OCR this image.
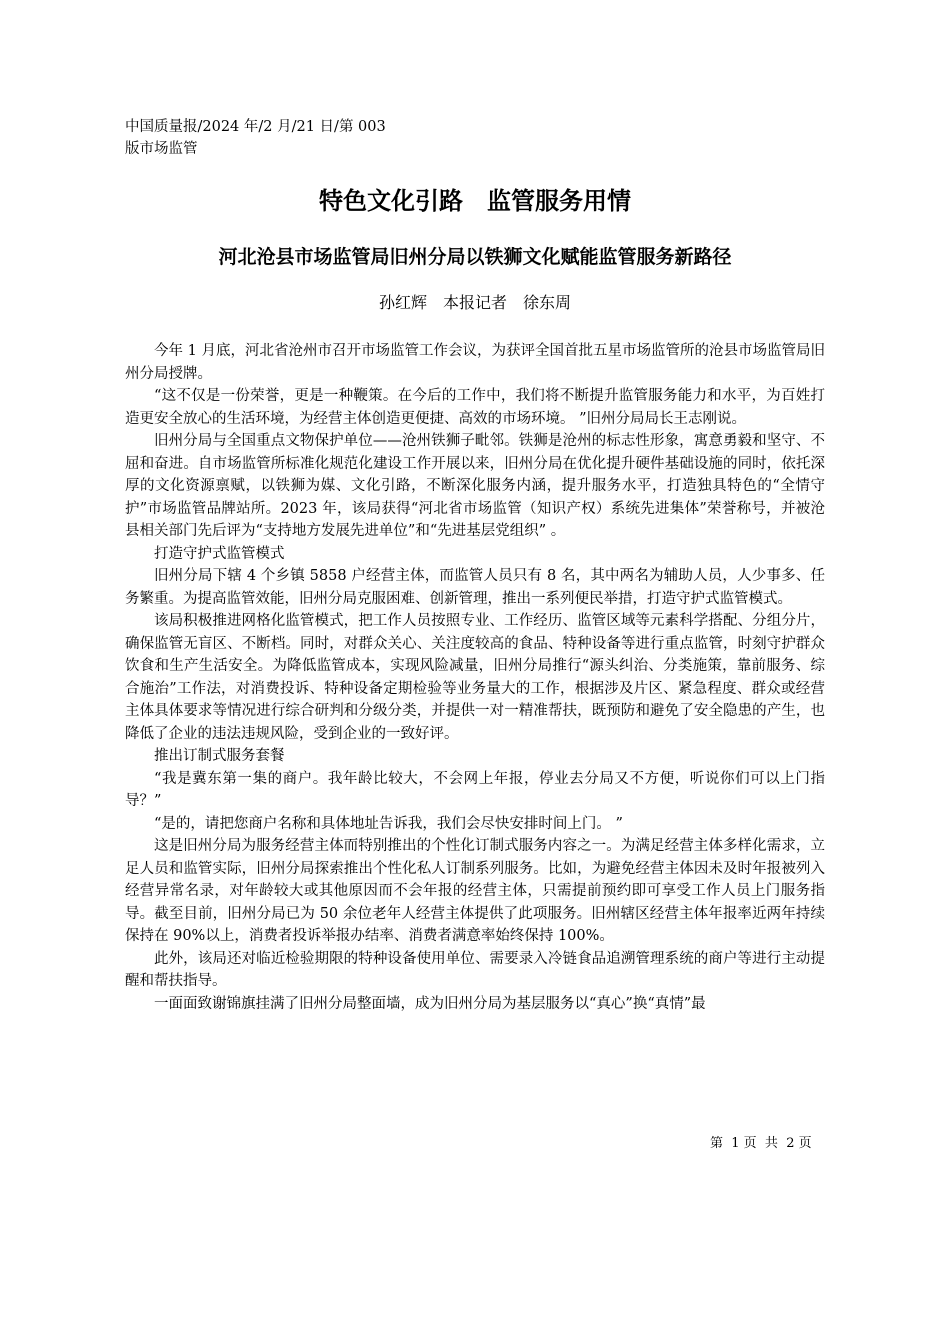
中国质量报/2024 年/2 月/21 日/第 003
版市场监管
特色文化引路　监管服务用情
河北沧县市场监管局旧州分局以铁狮文化赋能监管服务新路径
孙红辉　本报记者　徐东周

今年 1 月底，河北省沧州市召开市场监管工作会议，为获评全国首批五星市场监管所的沧县市场监管局旧州分局授牌。

“这不仅是一份荣誉，更是一种鞭策。在今后的工作中，我们将不断提升监管服务能力和水平，为百姓打造更安全放心的生活环境，为经营主体创造更便捷、高效的市场环境。 ”旧州分局局长王志刚说。

旧州分局与全国重点文物保护单位——沧州铁狮子毗邻。铁狮是沧州的标志性形象，寓意勇毅和坚守、不屈和奋进。自市场监管所标准化规范化建设工作开展以来，旧州分局在优化提升硬件基础设施的同时，依托深厚的文化资源禀赋，以铁狮为媒、文化引路，不断深化服务内涵，提升服务水平，打造独具特色的“全情守护”市场监管品牌站所。2023 年，该局获得“河北省市场监管（知识产权）系统先进集体”荣誉称号，并被沧县相关部门先后评为“支持地方发展先进单位”和“先进基层党组织” 。

打造守护式监管模式

旧州分局下辖 4 个乡镇 5858 户经营主体，而监管人员只有 8 名，其中两名为辅助人员，人少事多、任务繁重。为提高监管效能，旧州分局克服困难、创新管理，推出一系列便民举措，打造守护式监管模式。

该局积极推进网格化监管模式，把工作人员按照专业、工作经历、监管区域等元素科学搭配、分组分片，确保监管无盲区、不断档。同时，对群众关心、关注度较高的食品、特种设备等进行重点监管，时刻守护群众饮食和生产生活安全。为降低监管成本，实现风险减量，旧州分局推行“源头纠治、分类施策，靠前服务、综合施治”工作法，对消费投诉、特种设备定期检验等业务量大的工作，根据涉及片区、紧急程度、群众或经营主体具体要求等情况进行综合研判和分级分类，并提供一对一精准帮扶，既预防和避免了安全隐患的产生，也降低了企业的违法违规风险，受到企业的一致好评。

推出订制式服务套餐

“我是冀东第一集的商户。我年龄比较大，不会网上年报，停业去分局又不方便，听说你们可以上门指导？”

“是的，请把您商户名称和具体地址告诉我，我们会尽快安排时间上门。 ”

这是旧州分局为服务经营主体而特别推出的个性化订制式服务内容之一。为满足经营主体多样化需求，立足人员和监管实际，旧州分局探索推出个性化私人订制系列服务。比如，为避免经营主体因未及时年报被列入经营异常名录，对年龄较大或其他原因而不会年报的经营主体，只需提前预约即可享受工作人员上门服务指导。截至目前，旧州分局已为 50 余位老年人经营主体提供了此项服务。旧州辖区经营主体年报率近两年持续保持在 90%以上，消费者投诉举报办结率、消费者满意率始终保持 100%。

此外，该局还对临近检验期限的特种设备使用单位、需要录入冷链食品追溯管理系统的商户等进行主动提醒和帮扶指导。

一面面致谢锦旗挂满了旧州分局整面墙，成为旧州分局为基层服务以“真心”换“真情”最

第  1 页  共  2 页
